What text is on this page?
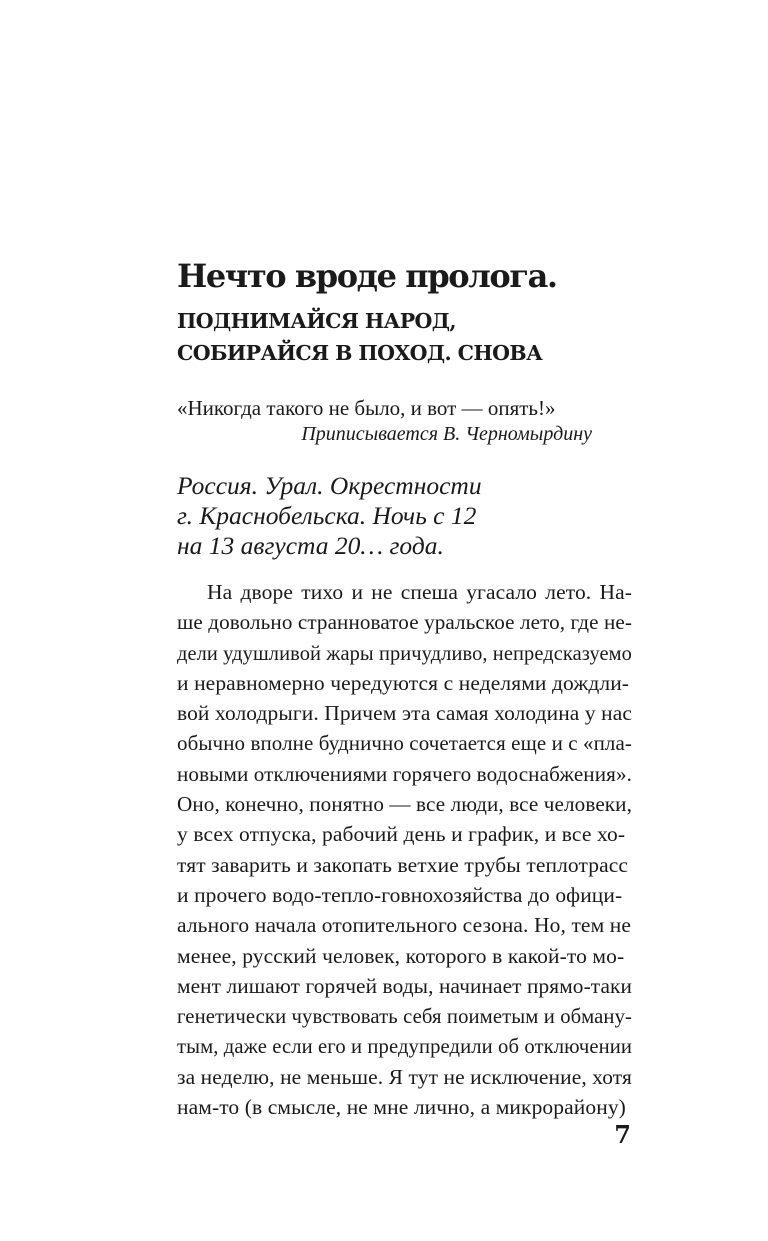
Нечто вроде пролога.
ПОДНИМАЙСЯ НАРОД,
СОБИРАЙСЯ В ПОХОД. СНОВА
«Никогда такого не было, и вот — опять!»
Приписывается В. Черномырдину
Россия. Урал. Окрестности
г. Краснобельска. Ночь с 12
на 13 августа 20… года.
На дворе тихо и не спеша угасало лето. На-
ше довольно странноватое уральское лето, где не-
дели удушливой жары причудливо, непредсказуемо
и неравномерно чередуются с неделями дождли-
вой холодрыги. Причем эта самая холодина у нас
обычно вполне буднично сочетается еще и с «пла-
новыми отключениями горячего водоснабжения».
Оно, конечно, понятно — все люди, все человеки,
у всех отпуска, рабочий день и график, и все хо-
тят заварить и закопать ветхие трубы теплотрасс
и прочего водо-тепло-говнохозяйства до офици-
ального начала отопительного сезона. Но, тем не
менее, русский человек, которого в какой-то мо-
мент лишают горячей воды, начинает прямо-таки
генетически чувствовать себя поиметым и обману-
тым, даже если его и предупредили об отключении
за неделю, не меньше. Я тут не исключение, хотя
нам-то (в смысле, не мне лично, а микрорайону)
7
